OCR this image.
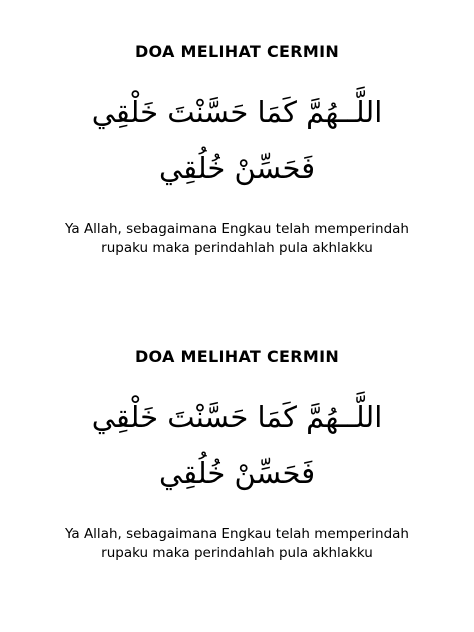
DOA MELIHAT CERMIN

اللَّــهُمَّ كَمَا حَسَّنْتَ خَلْقِي

فَحَسِّنْ خُلُقِي

Ya Allah, sebagaimana Engkau telah memperindah

rupaku maka perindahlah pula akhlakku

DOA MELIHAT CERMIN

اللَّــهُمَّ كَمَا حَسَّنْتَ خَلْقِي

فَحَسِّنْ خُلُقِي

Ya Allah, sebagaimana Engkau telah memperindah

rupaku maka perindahlah pula akhlakku
